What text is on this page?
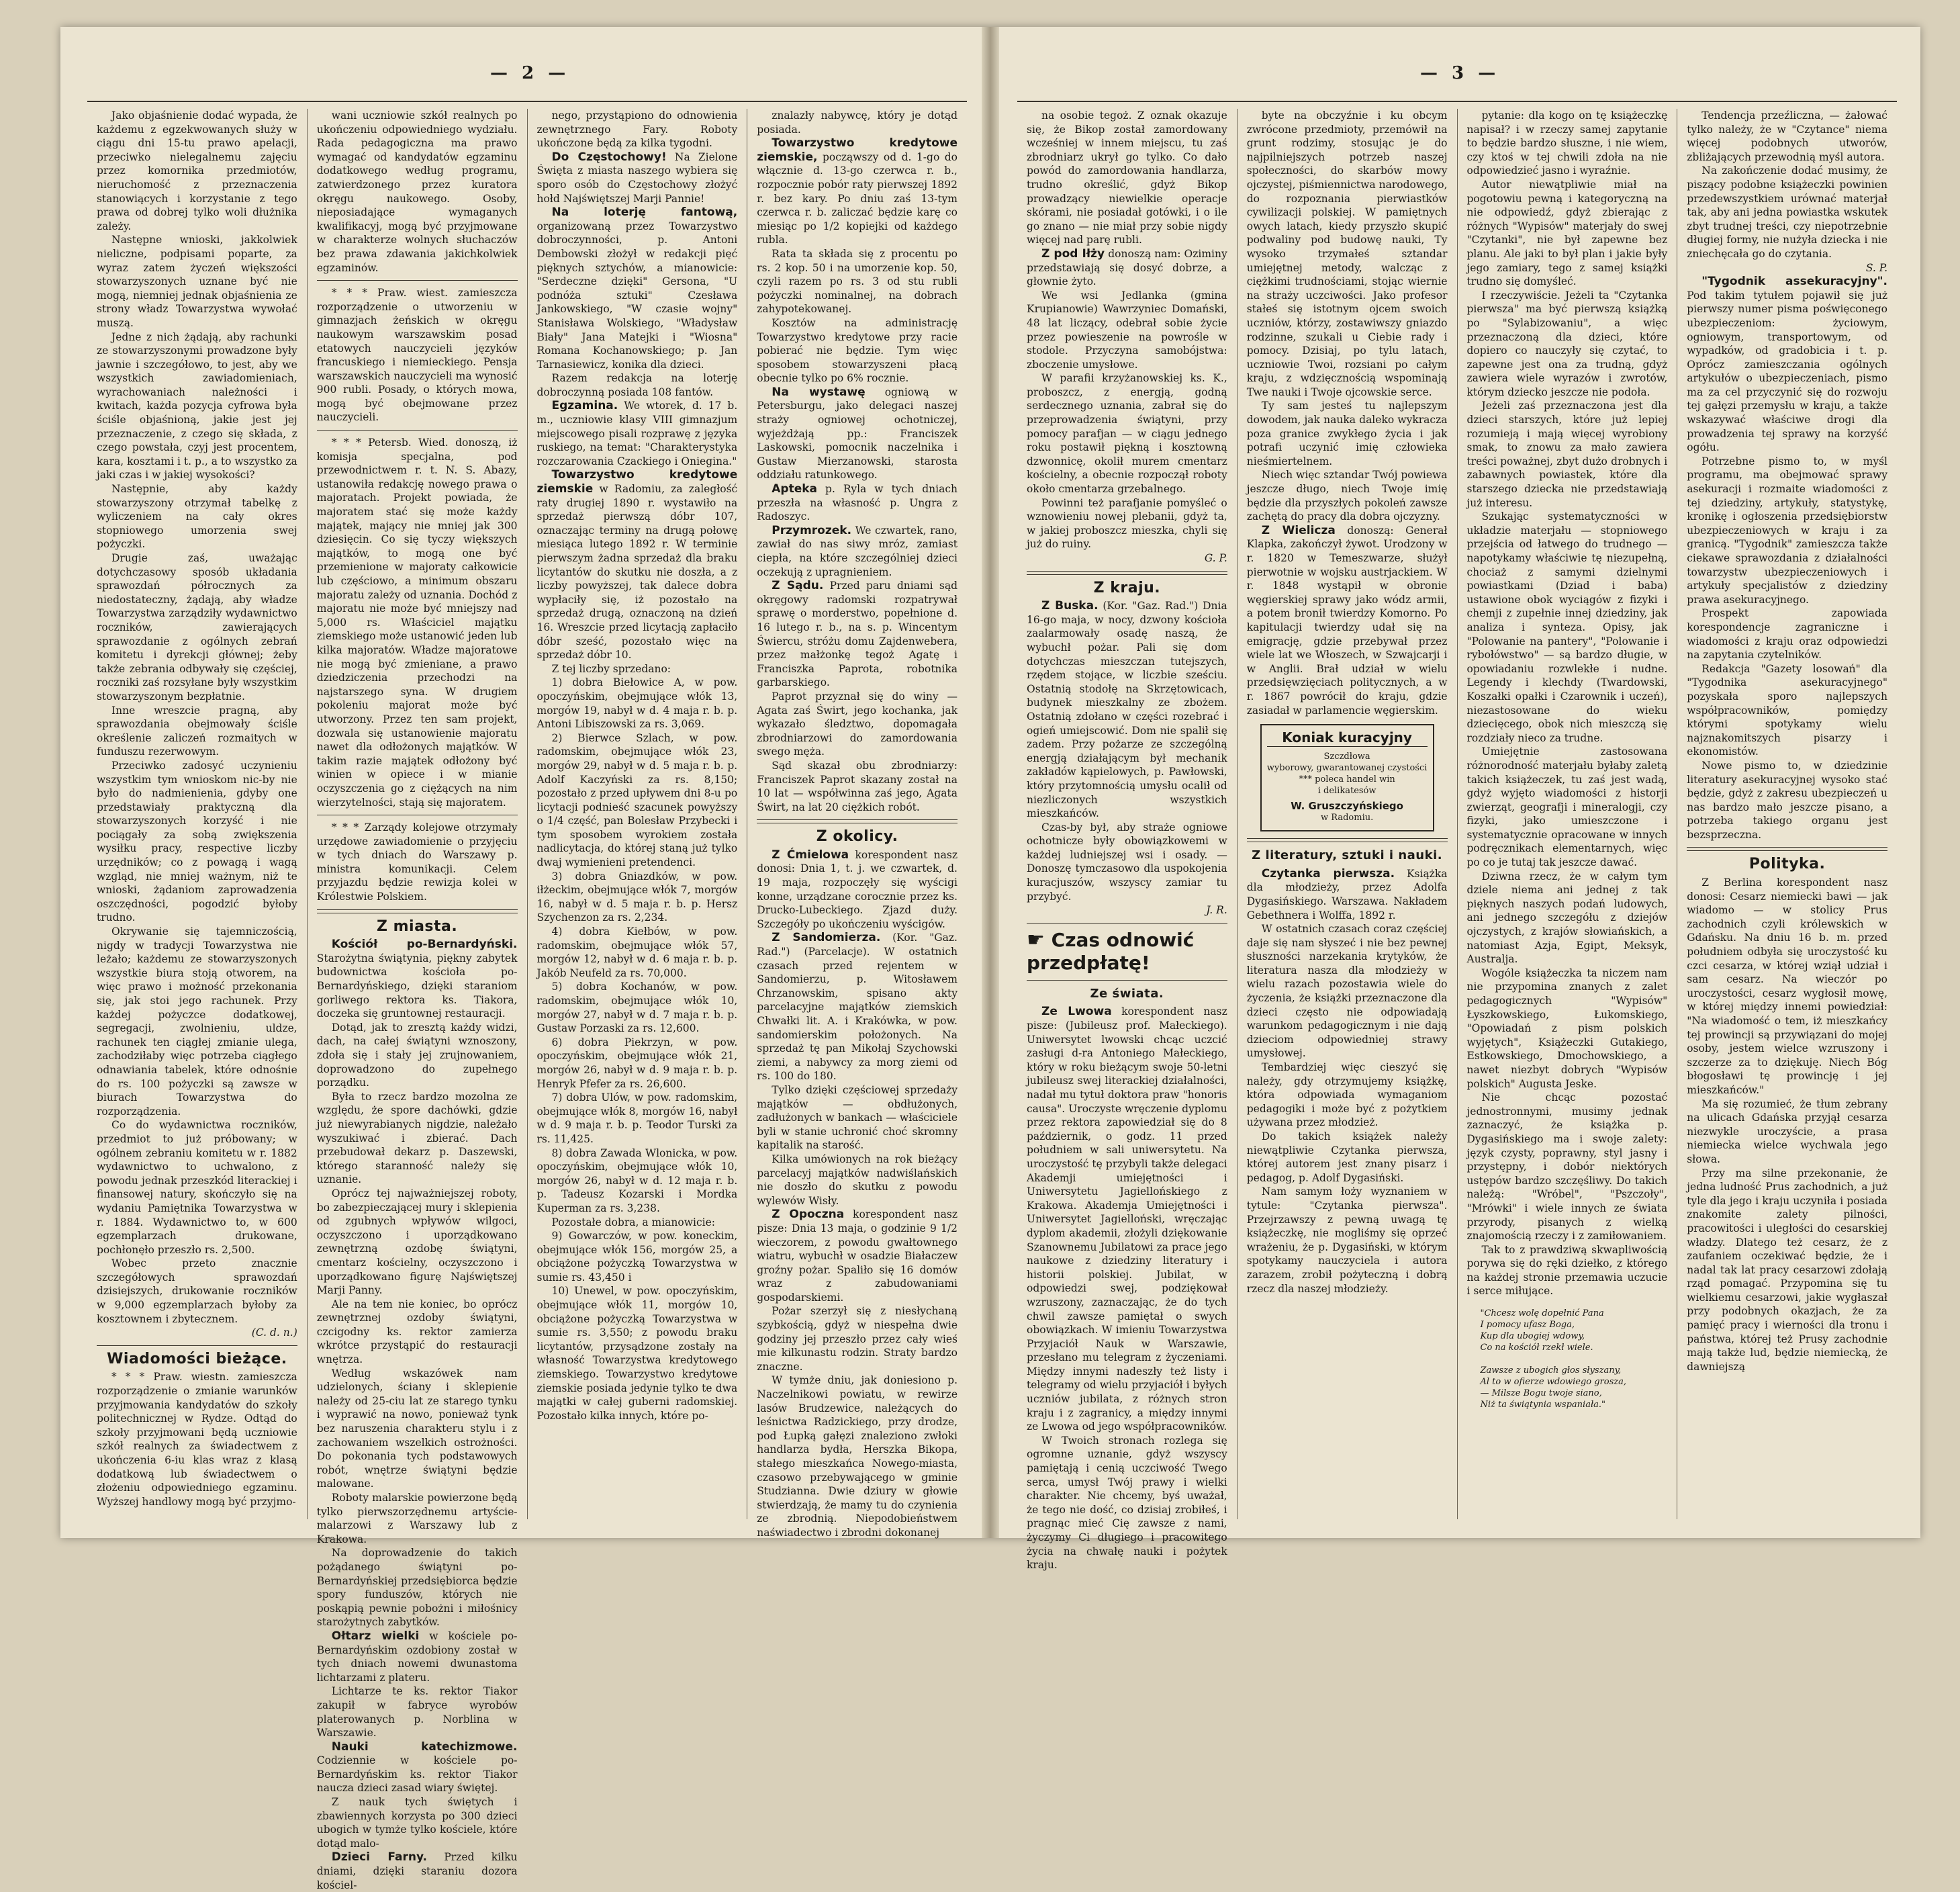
— 2 —

Jako objaśnienie dodać wypada, że każdemu z egzekwowanych służy w ciągu dni 15-tu prawo apelacji, przeciwko nielegalnemu zajęciu przez komornika przedmiotów, nieruchomość z przeznaczenia stanowiących i korzystanie z tego prawa od dobrej tylko woli dłużnika zależy.

Następne wnioski, jakkolwiek nieliczne, podpisami poparte, za wyraz zatem życzeń większości stowarzyszonych uznane być nie mogą, niemniej jednak objaśnienia ze strony władz Towarzystwa wywołać muszą.

Jedne z nich żądają, aby rachunki ze stowarzyszonymi prowadzone były jawnie i szczegółowo, to jest, aby we wszystkich zawiadomieniach, wyrachowaniach należności i kwitach, każda pozycja cyfrowa była ściśle objaśnioną, jakie jest jej przeznaczenie, z czego się składa, z czego powstała, czyj jest procentem, kara, kosztami i t. p., a to wszystko za jaki czas i w jakiej wysokości?

Następnie, aby każdy stowarzyszony otrzymał tabelkę z wyliczeniem na cały okres stopniowego umorzenia swej pożyczki.

Drugie zaś, uważając dotychczasowy sposób układania sprawozdań półrocznych za niedostateczny, żądają, aby władze Towarzystwa zarządziły wydawnictwo roczników, zawierających sprawozdanie z ogólnych zebrań komitetu i dyrekcji głównej; żeby także zebrania odbywały się częściej, roczniki zaś rozsyłane były wszystkim stowarzyszonym bezpłatnie.

Inne wreszcie pragną, aby sprawozdania obejmowały ściśle określenie zaliczeń rozmaitych w funduszu rezerwowym.

Przeciwko zadosyć uczynieniu wszystkim tym wnioskom nic-by nie było do nadmienienia, gdyby one przedstawiały praktyczną dla stowarzyszonych korzyść i nie pociągały za sobą zwiększenia wysiłku pracy, respective liczby urzędników; co z powagą i wagą wzgląd, nie mniej ważnym, niż te wnioski, żądaniom zaprowadzenia oszczędności, pogodzić byłoby trudno.

Okrywanie się tajemniczością, nigdy w tradycji Towarzystwa nie leżało; każdemu ze stowarzyszonych wszystkie biura stoją otworem, na więc prawo i możność przekonania się, jak stoi jego rachunek. Przy każdej pożyczce dodatkowej, segregacji, zwolnieniu, uldze, rachunek ten ciągłej zmianie ulega, zachodziłaby więc potrzeba ciągłego odnawiania tabelek, które odnośnie do rs. 100 pożyczki są zawsze w biurach Towarzystwa do rozporządzenia.

Co do wydawnictwa roczników, przedmiot to już próbowany; w ogólnem zebraniu komitetu w r. 1882 wydawnictwo to uchwalono, z powodu jednak przeszkód literackiej i finansowej natury, skończyło się na wydaniu Pamiętnika Towarzystwa w r. 1884. Wydawnictwo to, w 600 egzemplarzach drukowane, pochłonęło przeszło rs. 2,500.

Wobec przeto znacznie szczegółowych sprawozdań dzisiejszych, drukowanie roczników w 9,000 egzemplarzach byłoby za kosztownem i zbytecznem.

(C. d. n.)
Wiadomości bieżące.

* * * Praw. wiestn. zamieszcza rozporządzenie o zmianie warunków przyjmowania kandydatów do szkoły politechnicznej w Rydze. Odtąd do szkoły przyjmowani będą uczniowie szkół realnych za świadectwem z ukończenia 6-iu klas wraz z klasą dodatkową lub świadectwem o złożeniu odpowiedniego egzaminu. Wyższej handlowy mogą być przyjmo-

wani uczniowie szkół realnych po ukończeniu odpowiedniego wydziału. Rada pedagogiczna ma prawo wymagać od kandydatów egzaminu dodatkowego według programu, zatwierdzonego przez kuratora okręgu naukowego. Osoby, nieposiadające wymaganych kwalifikacyj, mogą być przyjmowane w charakterze wolnych słuchaczów bez prawa zdawania jakichkolwiek egzaminów.

* * * Praw. wiest. zamieszcza rozporządzenie o utworzeniu w gimnazjach żeńskich w okręgu naukowym warszawskim posad etatowych nauczycieli języków francuskiego i niemieckiego. Pensja warszawskich nauczycieli ma wynosić 900 rubli. Posady, o których mowa, mogą być obejmowane przez nauczycieli.

* * * Petersb. Wied. donoszą, iż komisja specjalna, pod przewodnictwem r. t. N. S. Abazy, ustanowiła redakcję nowego prawa o majoratach. Projekt powiada, że majoratem stać się może każdy majątek, mający nie mniej jak 300 dziesięcin. Co się tyczy większych majątków, to mogą one być przemienione w majoraty całkowicie lub częściowo, a minimum obszaru majoratu zależy od uznania. Dochód z majoratu nie może być mniejszy nad 5,000 rs. Właściciel majątku ziemskiego może ustanowić jeden lub kilka majoratów. Władze majoratowe nie mogą być zmieniane, a prawo dziedziczenia przechodzi na najstarszego syna. W drugiem pokoleniu majorat może być utworzony. Przez ten sam projekt, dozwala się ustanowienie majoratu nawet dla odłożonych majątków. W takim razie majątek odłożony być winien w opiece i w mianie oczyszczenia go z ciężących na nim wierzytelności, stają się majoratem.

* * * Zarządy kolejowe otrzymały urzędowe zawiadomienie o przyjęciu w tych dniach do Warszawy p. ministra komunikacji. Celem przyjazdu będzie rewizja kolei w Królestwie Polskiem.

Z miasta.

Kościół po-Bernardyński. Starożytna świątynia, piękny zabytek budownictwa kościoła po-Bernardyńskiego, dzięki staraniom gorliwego rektora ks. Tiakora, doczeka się gruntownej restauracji.

Dotąd, jak to zresztą każdy widzi, dach, na całej świątyni wznoszony, zdoła się i stały jej zrujnowaniem, doprowadzono do zupełnego porządku.

Była to rzecz bardzo mozolna ze względu, że spore dachówki, gdzie już niewyrabianych nigdzie, należało wyszukiwać i zbierać. Dach przebudował dekarz p. Daszewski, którego staranność należy się uznanie.

Oprócz tej najważniejszej roboty, bo zabezpieczającej mury i sklepienia od zgubnych wpływów wilgoci, oczyszczono i uporządkowano zewnętrzną ozdobę świątyni, cmentarz kościelny, oczyszczono i uporządkowano figurę Najświętszej Marji Panny.

Ale na tem nie koniec, bo oprócz zewnętrznej ozdoby świątyni, czcigodny ks. rektor zamierza wkrótce przystąpić do restauracji wnętrza.

Według wskazówek nam udzielonych, ściany i sklepienie należy od 25-ciu lat ze starego tynku i wyprawić na nowo, ponieważ tynk bez naruszenia charakteru stylu i z zachowaniem wszelkich ostrożności. Do pokonania tych podstawowych robót, wnętrze świątyni będzie malowane.

Roboty malarskie powierzone będą tylko pierwszorzędnemu artyście-malarzowi z Warszawy lub z Krakowa.

Na doprowadzenie do takich pożądanego świątyni po-Bernardyńskiej przedsiębiorca będzie spory funduszów, których nie poskąpią pewnie pobożni i miłośnicy starożytnych zabytków.

Ołtarz wielki w kościele po-Bernardyńskim ozdobiony został w tych dniach nowemi dwunastoma lichtarzami z plateru.

Lichtarze te ks. rektor Tiakor zakupił w fabryce wyrobów platerowanych p. Norblina w Warszawie.

Nauki katechizmowe. Codziennie w kościele po-Bernardyńskim ks. rektor Tiakor naucza dzieci zasad wiary świętej.

Z nauk tych świętych i zbawiennych korzysta po 300 dzieci ubogich w tymże tylko kościele, które dotąd malo-

Dzieci Farny. Przed kilku dniami, dzięki staraniu dozora kościel-

nego, przystąpiono do odnowienia zewnętrznego Fary. Roboty ukończone będą za kilka tygodni.

Do Częstochowy! Na Zielone Święta z miasta naszego wybiera się sporo osób do Częstochowy złożyć hołd Najświętszej Marji Pannie!

Na loterję fantową, organizowaną przez Towarzystwo dobroczynności, p. Antoni Dembowski złożył w redakcji pięć pięknych sztychów, a mianowicie: "Serdeczne dzięki" Gersona, "U podnóża sztuki" Czesława Jankowskiego, "W czasie wojny" Stanisława Wolskiego, "Władysław Biały" Jana Matejki i "Wiosna" Romana Kochanowskiego; p. Jan Tarnasiewicz, konika dla dzieci.

Razem redakcja na loterję dobroczynną posiada 108 fantów.

Egzamina. We wtorek, d. 17 b. m., uczniowie klasy VIII gimnazjum miejscowego pisali rozprawę z języka ruskiego, na temat: "Charakterystyka rozczarowania Czackiego i Onieginа."

Towarzystwo kredytowe ziemskie w Radomiu, za zaległość raty drugiej 1890 r. wystawiło na sprzedaż pierwszą dóbr 107, oznaczając terminy na drugą połowę miesiąca lutego 1892 r. W terminie pierwszym żadna sprzedaż dla braku licytantów do skutku nie doszła, a z liczby powyższej, tak dalece dobra wypłaciły się, iż pozostało na sprzedaż drugą, oznaczoną na dzień 16. Wreszcie przed licytacją zapłaciło dóbr sześć, pozostało więc na sprzedaż dóbr 10.

Z tej liczby sprzedano:

1) dobra Biełowice A, w pow. opoczyńskim, obejmujące włók 13, morgów 19, nabył w d. 4 maja r. b. p. Antoni Libiszowski za rs. 3,069.

2) Bierwce Szlach, w pow. radomskim, obejmujące włók 23, morgów 29, nabył w d. 5 maja r. b. p. Adolf Kaczyński za rs. 8,150; pozostało z przed upływem dni 8-u po licytacji podnieść szacunek powyższy o 1/4 część, pan Bolesław Przybecki i tym sposobem wyrokiem została nadlicytacja, do której staną już tylko dwaj wymienieni pretendenci.

3) dobra Gniazdków, w pow. iłżeckim, obejmujące włók 7, morgów 16, nabył w d. 5 maja r. b. p. Hersz Szychenzon za rs. 2,234.

4) dobra Kiełbów, w pow. radomskim, obejmujące włók 57, morgów 12, nabył w d. 6 maja r. b. p. Jakób Neufeld za rs. 70,000.

5) dobra Kochanów, w pow. radomskim, obejmujące włók 10, morgów 27, nabył w d. 7 maja r. b. p. Gustaw Porzaski za rs. 12,600.

6) dobra Piekrzyn, w pow. opoczyńskim, obejmujące włók 21, morgów 26, nabył w d. 9 maja r. b. p. Henryk Pfefer za rs. 26,600.

7) dobra Ulów, w pow. radomskim, obejmujące włók 8, morgów 16, nabył w d. 9 maja r. b. p. Teodor Turski za rs. 11,425.

8) dobra Zawada Wlonicka, w pow. opoczyńskim, obejmujące włók 10, morgów 26, nabył w d. 12 maja r. b. p. Tadeusz Kozarski i Mordka Kuperman za rs. 3,238.

Pozostałe dobra, a mianowicie:

9) Gowarczów, w pow. koneckim, obejmujące włók 156, morgów 25, a obciążone pożyczką Towarzystwa w sumie rs. 43,450 i

10) Unewel, w pow. opoczyńskim, obejmujące włók 11, morgów 10, obciążone pożyczką Towarzystwa w sumie rs. 3,550; z powodu braku licytantów, przysądzone zostały na własność Towarzystwa kredytowego ziemskiego. Towarzystwo kredytowe ziemskie posiada jedynie tylko te dwa majątki w całej guberni radomskiej. Pozostało kilka innych, które po-

znalazły nabywcę, który je dotąd posiada.

Towarzystwo kredytowe ziemskie, począwszy od d. 1-go do włącznie d. 13-go czerwca r. b., rozpocznie pobór raty pierwszej 1892 r. bez kary. Po dniu zaś 13-tym czerwca r. b. zaliczać będzie karę co miesiąc po 1/2 kopiejki od każdego rubla.

Rata ta składa się z procentu po rs. 2 kop. 50 i na umorzenie kop. 50, czyli razem po rs. 3 od stu rubli pożyczki nominalnej, na dobrach zahypotekowanej.

Kosztów na administrację Towarzystwo kredytowe przy racie pobierać nie będzie. Tym więc sposobem stowarzyszeni płacą obecnie tylko po 6% rocznie.

Na wystawę ogniową w Petersburgu, jako delegaci naszej straży ogniowej ochotniczej, wyjeżdżają pp.: Franciszek Laskowski, pomocnik naczelnika i Gustaw Mierzanowski, starosta oddziału ratunkowego.

Apteka p. Ryla w tych dniach przeszła na własność p. Ungra z Radoszyc.

Przymrozek. We czwartek, rano, zawiał do nas siwy mróz, zamiast ciepła, na które szczególniej dzieci oczekują z upragnieniem.

Z Sądu. Przed paru dniami sąd okręgowy radomski rozpatrywał sprawę o morderstwo, popełnione d. 16 lutego r. b., na s. p. Wincentym Świercu, stróżu domu Zajdenwebera, przez małżonkę tegoż Agatę i Franciszka Paprota, robotnika garbarskiego.

Paprot przyznał się do winy — Agata zaś Świrt, jego kochanka, jak wykazało śledztwo, dopomagała zbrodniarzowi do zamordowania swego męża.

Sąd skazał obu zbrodniarzy: Franciszek Paprot skazany został na 10 lat — współwinna zaś jego, Agata Świrt, na lat 20 ciężkich robót.

Z okolicy.

Z Ćmielowa korespondent nasz donosi: Dnia 1, t. j. we czwartek, d. 19 maja, rozpoczęły się wyścigi konne, urządzane corocznie przez ks. Drucko-Lubeckiego. Zjazd duży. Szczegóły po ukończeniu wyścigów.

Z Sandomierza. (Kor. "Gaz. Rad.") (Parcelacje). W ostatnich czasach przed rejentem w Sandomierzu, p. Witosławem Chrzanowskim, spisano akty parcelacyjne majątków ziemskich Chwałki lit. A. i Krakówka, w pow. sandomierskim położonych. Na sprzedaż tę pan Mikołaj Szychowski ziemi, a nabywcy za morg ziemi od rs. 100 do 180.

Tylko dzięki częściowej sprzedaży majątków — obdłużonych, zadłużonych w bankach — właściciele byli w stanie uchronić choć skromny kapitalik na starość.

Kilka umówionych na rok bieżący parcelacyj majątków nadwiślańskich nie doszło do skutku z powodu wylewów Wisły.

Z Opoczna korespondent nasz pisze: Dnia 13 maja, o godzinie 9 1/2 wieczorem, z powodu gwałtownego wiatru, wybuchł w osadzie Białaczew groźny pożar. Spaliło się 16 domów wraz z zabudowaniami gospodarskiemi.

Pożar szerzył się z niesłychaną szybkością, gdyż w niespełna dwie godziny jej przeszło przez cały wieś mie kilkunastu rodzin. Straty bardzo znaczne.

W tymże dniu, jak doniesiono p. Naczelnikowi powiatu, w rewirze lasów Brudzewice, należących do leśnictwa Radzickiego, przy drodze, pod Łupką gałęzi znaleziono zwłoki handlarza bydła, Herszka Bikopa, stałego mieszkańca Nowego-miasta, czasowo przebywającego w gminie Studzianna. Dwie dziury w głowie stwierdzają, że mamy tu do czynienia ze zbrodnią. Niepodobieństwem naświadectwo i zbrodni dokonanej

— 3 —

na osobie tegoż. Z oznak okazuje się, że Bikop został zamordowany wcześniej w innem miejscu, tu zaś zbrodniarz ukrył go tylko. Co dało powód do zamordowania handlarza, trudno określić, gdyż Bikop prowadzący niewielkie operacje skórami, nie posiadał gotówki, i o ile go znano — nie miał przy sobie nigdy więcej nad parę rubli.

Z pod Iłży donoszą nam: Oziminy przedstawiają się dosyć dobrze, a głownie żyto.

We wsi Jedlanka (gmina Krupianowie) Wawrzyniec Domański, 48 lat liczący, odebrał sobie życie przez powieszenie na powrośle w stodole. Przyczyna samobójstwa: zboczenie umysłowe.

W parafii krzyżanowskiej ks. K., proboszcz, z energją, godną serdecznego uznania, zabrał się do przeprowadzenia świątyni, przy pomocy parafjan — w ciągu jednego roku postawił piękną i kosztowną dzwonnicę, okolił murem cmentarz kościelny, a obecnie rozpoczął roboty około cmentarza grzebalnego.

Powinni też parafjanie pomyśleć o wznowieniu nowej plebanii, gdyż ta, w jakiej proboszcz mieszka, chyli się już do ruiny.

G. P.
Z kraju.

Z Buska. (Kor. "Gaz. Rad.") Dnia 16-go maja, w nocy, dzwony kościoła zaalarmowały osadę naszą, że wybuchł pożar. Pali się dom dotychczas mieszczan tutejszych, rzędem stojące, w liczbie sześciu. Ostatnią stodołę na Skrzętowicach, budynek mieszkalny ze zbożem. Ostatnią zdołano w części rozebrać i ogień umiejscowić. Dom nie spalił się zadem. Przy pożarze ze szczególną energją działającym był mechanik zakładów kąpielowych, p. Pawłowski, który przytomnością umysłu ocalił od niezliczonych wszystkich mieszkańców.

Czas-by był, aby straże ogniowe ochotnicze były obowiązkowemi w każdej ludniejszej wsi i osady. — Donoszę tymczasowo dla uspokojenia kuracjuszów, wszyscy zamiar tu przybyć.

J. R.
☛ Czas odnowić
przedpłatę!
Ze świata.

Ze Lwowa korespondent nasz pisze: (Jubileusz prof. Małeckiego). Uniwersytet lwowski chcąc uczcić zasługi d-ra Antoniego Małeckiego, który w roku bieżącym swoje 50-letni jubileusz swej literackiej działalności, nadał mu tytuł doktora praw "honoris causa". Uroczyste wręczenie dyplomu przez rektora zapowiedział się do 8 październik, o godz. 11 przed południem w sali uniwersytetu. Na uroczystość tę przybyli także delegaci Akademji umiejętności i Uniwersytetu Jagiellońskiego z Krakowa. Akademja Umiejętności i Uniwersytet Jagielloński, wręczając dyplom akademii, złożyli dziękowanie Szanownemu Jubilatowi za prace jego naukowe z dziedziny literatury i historii polskiej. Jubilat, w odpowiedzi swej, podziękował wzruszony, zaznaczając, że do tych chwil zawsze pamiętał o swych obowiązkach. W imieniu Towarzystwa Przyjaciół Nauk w Warszawie, przesłano mu telegram z życzeniami. Między innymi nadeszły też listy i telegramy od wielu przyjaciół i byłych uczniów jubilata, z różnych stron kraju i z zagranicy, a między innymi ze Lwowa od jego współpracowników.

W Twoich stronach rozlega się ogromne uznanie, gdyż wszyscy pamiętają i cenią uczciwość Twego serca, umysł Twój prawy i wielki charakter. Nie chcemy, byś uważał, że tego nie dość, co dzisiaj zrobiłeś, i pragnąc mieć Cię zawsze z nami, życzymy Ci długiego i pracowitego życia na chwałę nauki i pożytek kraju.

byte na obczyźnie i ku obcym zwrócone przedmioty, przemówił na grunt rodzimy, stosując je do najpilniejszych potrzeb naszej społeczności, do skarbów mowy ojczystej, piśmiennictwa narodowego, do rozpoznania pierwiastków cywilizacji polskiej. W pamiętnych owych latach, kiedy przyszło skupić podwaliny pod budowę nauki, Ty wysoko trzymałeś sztandar umiejętnej metody, walcząc z ciężkimi trudnościami, stojąc wiernie na straży uczciwości. Jako profesor stałeś się istotnym ojcem swoich uczniów, którzy, zostawiwszy gniazdo rodzinne, szukali u Ciebie rady i pomocy. Dzisiaj, po tylu latach, uczniowie Twoi, rozsiani po całym kraju, z wdzięcznością wspominają Twe nauki i Twoje ojcowskie serce.

Ty sam jesteś tu najlepszym dowodem, jak nauka daleko wykracza poza granice zwykłego życia i jak potrafi uczynić imię człowieka nieśmiertelnem.

Niech więc sztandar Twój powiewa jeszcze długo, niech Twoje imię będzie dla przyszłych pokoleń zawsze zachętą do pracy dla dobra ojczyzny.

Z Wielicza donoszą: Generał Klapka, zakończył żywot. Urodzony w r. 1820 w Temeszwarze, służył pierwotnie w wojsku austrjackiem. W r. 1848 wystąpił w obronie węgierskiej sprawy jako wódz armii, a potem bronił twierdzy Komorno. Po kapitulacji twierdzy udał się na emigrację, gdzie przebywał przez wiele lat we Włoszech, w Szwajcarji i w Anglii. Brał udział w wielu przedsięwzięciach politycznych, a w r. 1867 powrócił do kraju, gdzie zasiadał w parlamencie węgierskim.

Koniak kuracyjny
Szczdłowa
wyborowy, gwarantowanej czystości
*** poleca handel win
i delikatesów
W. Gruszczyńskiego
w Radomiu.
Z literatury, sztuki i nauki.

Czytanka pierwsza. Książka dla młodzieży, przez Adolfa Dygasińskiego. Warszawa. Nakładem Gebethnera i Wolffa, 1892 r.

W ostatnich czasach coraz częściej daje się nam słyszeć i nie bez pewnej słuszności narzekania krytyków, że literatura nasza dla młodzieży w wielu razach pozostawia wiele do życzenia, że książki przeznaczone dla dzieci często nie odpowiadają warunkom pedagogicznym i nie dają dzieciom odpowiedniej strawy umysłowej.

Tembardziej więc cieszyć się należy, gdy otrzymujemy książkę, która odpowiada wymaganiom pedagogiki i może być z pożytkiem używana przez młodzież.

Do takich książek należy niewątpliwie Czytanka pierwsza, której autorem jest znany pisarz i pedagog, p. Adolf Dygasiński.

Nam samym łoży wyznaniem w tytule: "Czytanka pierwsza". Przejrzawszy z pewną uwagą tę książeczkę, nie mogliśmy się oprzeć wrażeniu, że p. Dygasiński, w którym spotykamy nauczyciela i autora zarazem, zrobił pożyteczną i dobrą rzecz dla naszej młodzieży.

pytanie: dla kogo on tę książeczkę napisał? i w rzeczy samej zapytanie to będzie bardzo słuszne, i nie wiem, czy ktoś w tej chwili zdoła na nie odpowiedzieć jasno i wyraźnie.

Autor niewątpliwie miał na pogotowiu pewną i kategoryczną na nie odpowiedź, gdyż zbierając z różnych "Wypisów" materjały do swej "Czytanki", nie był zapewne bez planu. Ale jaki to był plan i jakie były jego zamiary, tego z samej książki trudno się domyśleć.

I rzeczywiście. Jeżeli ta "Czytanka pierwsza" ma być pierwszą książką po "Sylabizowaniu", a więc przeznaczoną dla dzieci, które dopiero co nauczyły się czytać, to zapewne jest ona za trudną, gdyż zawiera wiele wyrazów i zwrotów, którym dziecko jeszcze nie podoła.

Jeżeli zaś przeznaczona jest dla dzieci starszych, które już lepiej rozumieją i mają więcej wyrobiony smak, to znowu za mało zawiera treści poważnej, zbyt dużo drobnych i zabawnych powiastek, które dla starszego dziecka nie przedstawiają już interesu.

Szukając systematyczności w układzie materjału — stopniowego przejścia od łatwego do trudnego — napotykamy właściwie tę niezupełną, chociaż z samymi dzielnymi powiastkami (Dziad i baba) ustawione obok wyciągów z fizyki i chemji z zupełnie innej dziedziny, jak analiza i synteza. Opisy, jak "Polowanie na pantery", "Polowanie i rybołówstwo" — są bardzo długie, w opowiadaniu rozwlekłe i nudne. Legendy i klechdy (Twardowski, Koszałki opałki i Czarownik i uczeń), niezastosowane do wieku dziecięcego, obok nich mieszczą się rozdziały nieco za trudne.

Umiejętnie zastosowana różnorodność materjału byłaby zaletą takich książeczek, tu zaś jest wadą, gdyż wyjęto wiadomości z historji zwierząt, geografji i mineralogji, czy fizyki, jako umieszczone i systematycznie opracowane w innych podręcznikach elementarnych, więc po co je tutaj tak jeszcze dawać.

Dziwna rzecz, że w całym tym dziele niema ani jednej z tak pięknych naszych podań ludowych, ani jednego szczegółu z dziejów ojczystych, z krajów słowiańskich, a natomiast Azja, Egipt, Meksyk, Australja.

Wogóle książeczka ta niczem nam nie przypomina znanych z zalet pedagogicznych "Wypisów" Łyszkowskiego, Łukomskiego, "Opowiadań z pism polskich wyjętych", Książeczki Gutakiego, Estkowskiego, Dmochowskiego, a nawet niezbyt dobrych "Wypisów polskich" Augusta Jeske.

Nie chcąc pozostać jednostronnymi, musimy jednak zaznaczyć, że książka p. Dygasińskiego ma i swoje zalety: język czysty, poprawny, styl jasny i przystępny, i dobór niektórych ustępów bardzo szczęśliwy. Do takich należą: "Wróbel", "Pszczoły", "Mrówki" i wiele innych ze świata przyrody, pisanych z wielką znajomością rzeczy i z zamiłowaniem.

Tak to z prawdziwą skwapliwością porywa się do ręki dziełko, z którego na każdej stronie przemawia uczucie i serce miłujące.

"Chcesz wolę dopełnić Pana

I pomocy ufasz Boga,

Kup dla ubogiej wdowy,

Co na kościół rzekł wiele.

Zawsze z ubogich głos słyszany,

Al to w ofierze wdowiego grosza,

— Milsze Bogu twoje siano,

Niż ta świątynia wspaniała."

Tendencja przeźliczna, — żałować tylko należy, że w "Czytance" niema więcej podobnych utworów, zbliżających przewodnią myśl autora.

Na zakończenie dodać musimy, że piszący podobne książeczki powinien przedewszystkiem urównać materjał tak, aby ani jedna powiastka wskutek zbyt trudnej treści, czy niepotrzebnie długiej formy, nie nużyła dziecka i nie zniechęcała go do czytania.

S. P.

"Tygodnik assekuracyjny". Pod takim tytułem pojawił się już pierwszy numer pisma poświęconego ubezpieczeniom: życiowym, ogniowym, transportowym, od wypadków, od gradobicia i t. p. Oprócz zamieszczania ogólnych artykułów o ubezpieczeniach, pismo ma za cel przyczynić się do rozwoju tej gałęzi przemysłu w kraju, a także wskazywać właściwe drogi dla prowadzenia tej sprawy na korzyść ogółu.

Potrzebne pismo to, w myśl programu, ma obejmować sprawy asekuracji i rozmaite wiadomości z tej dziedziny, artykuły, statystykę, kronikę i ogłoszenia przedsiębiorstw ubezpieczeniowych w kraju i za granicą. "Tygodnik" zamieszcza także ciekawe sprawozdania z działalności towarzystw ubezpieczeniowych i artykuły specjalistów z dziedziny prawa asekuracyjnego.

Prospekt zapowiada korespondencje zagraniczne i wiadomości z kraju oraz odpowiedzi na zapytania czytelników.

Redakcja "Gazety losowań" dla "Tygodnika asekuracyjnego" pozyskała sporo najlepszych współpracowników, pomiędzy którymi spotykamy wielu najznakomitszych pisarzy i ekonomistów.

Nowe pismo to, w dziedzinie literatury asekuracyjnej wysoko stać będzie, gdyż z zakresu ubezpieczeń u nas bardzo mało jeszcze pisano, a potrzeba takiego organu jest bezsprzeczna.

Polityka.

Z Berlina korespondent nasz donosi: Cesarz niemiecki bawi — jak wiadomo — w stolicy Prus zachodnich czyli królewskich w Gdańsku. Na dniu 16 b. m. przed południem odbyła się uroczystość ku czci cesarza, w której wziął udział i sam cesarz. Na wieczór po uroczystości, cesarz wygłosił mowę, w której między innemi powiedział: "Na wiadomość o tem, iż mieszkańcy tej prowincji są przywiązani do mojej osoby, jestem wielce wzruszony i szczerze za to dziękuję. Niech Bóg błogosławi tę prowincję i jej mieszkańców."

Ma się rozumieć, że tłum zebrany na ulicach Gdańska przyjął cesarza niezwykle uroczyście, a prasa niemiecka wielce wychwala jego słowa.

Przy ma silne przekonanie, że jedna ludność Prus zachodnich, a już tyle dla jego i kraju uczyniła i posiada znakomite zalety pilności, pracowitości i uległości do cesarskiej władzy. Dlatego też cesarz, że z zaufaniem oczekiwać będzie, że i nadal tak lat pracy cesarzowi zdołają rząd pomagać. Przypomina się tu wielkiemu cesarzowi, jakie wygłaszał przy podobnych okazjach, że za pamięć pracy i wierności dla tronu i państwa, której też Prusy zachodnie mają także lud, będzie niemiecką, że dawniejszą
